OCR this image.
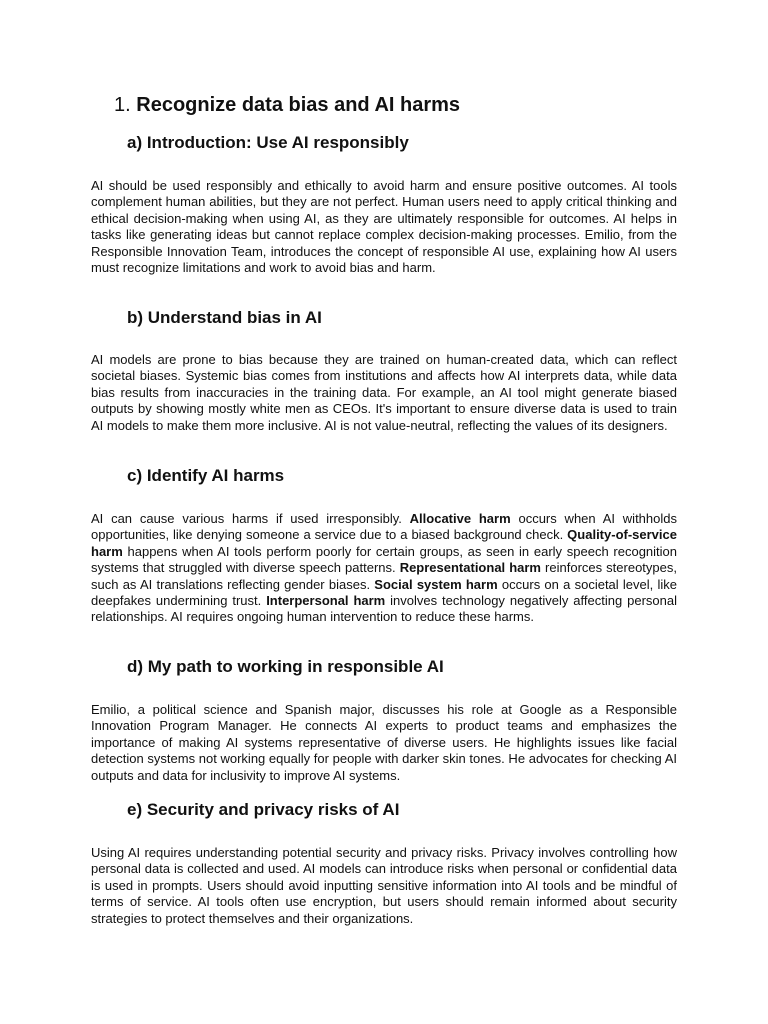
1. Recognize data bias and AI harms
a) Introduction: Use AI responsibly

AI should be used responsibly and ethically to avoid harm and ensure positive outcomes. AI tools complement human abilities, but they are not perfect. Human users need to apply critical thinking and ethical decision-making when using AI, as they are ultimately responsible for outcomes. AI helps in tasks like generating ideas but cannot replace complex decision-making processes. Emilio, from the Responsible Innovation Team, introduces the concept of responsible AI use, explaining how AI users must recognize limitations and work to avoid bias and harm.

b) Understand bias in AI

AI models are prone to bias because they are trained on human-created data, which can reflect societal biases. Systemic bias comes from institutions and affects how AI interprets data, while data bias results from inaccuracies in the training data. For example, an AI tool might generate biased outputs by showing mostly white men as CEOs. It's important to ensure diverse data is used to train AI models to make them more inclusive. AI is not value-neutral, reflecting the values of its designers.

c) Identify AI harms

AI can cause various harms if used irresponsibly. Allocative harm occurs when AI withholds opportunities, like denying someone a service due to a biased background check. Quality-of-service harm happens when AI tools perform poorly for certain groups, as seen in early speech recognition systems that struggled with diverse speech patterns. Representational harm reinforces stereotypes, such as AI translations reflecting gender biases. Social system harm occurs on a societal level, like deepfakes undermining trust. Interpersonal harm involves technology negatively affecting personal relationships. AI requires ongoing human intervention to reduce these harms.

d) My path to working in responsible AI

Emilio, a political science and Spanish major, discusses his role at Google as a Responsible Innovation Program Manager. He connects AI experts to product teams and emphasizes the importance of making AI systems representative of diverse users. He highlights issues like facial detection systems not working equally for people with darker skin tones. He advocates for checking AI outputs and data for inclusivity to improve AI systems.

e) Security and privacy risks of AI

Using AI requires understanding potential security and privacy risks. Privacy involves controlling how personal data is collected and used. AI models can introduce risks when personal or confidential data is used in prompts. Users should avoid inputting sensitive information into AI tools and be mindful of terms of service. AI tools often use encryption, but users should remain informed about security strategies to protect themselves and their organizations.
